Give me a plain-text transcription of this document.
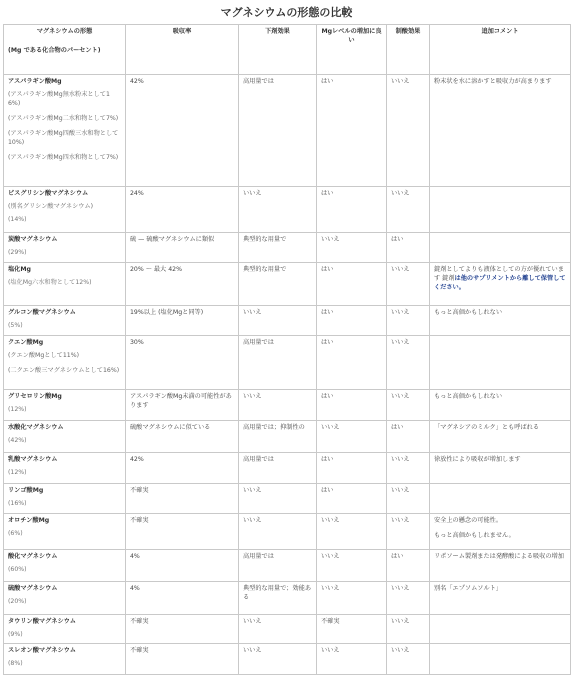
マグネシウムの形態の比較
マグネシウムの形態
(Mg である化合物のパーセント)	吸収率	下剤効果	Mgレベルの増加に良い	制酸効果	追加コメント

アスパラギン酸Mg
(アスパラギン酸Mg無水粉末として16%)
(アスパラギン酸Mg二水和物として7%)
(アスパラギン酸Mg四酸三水和物として10%)
(アスパラギン酸Mg四水和物として7%)	42%	高用量では	はい	いいえ	粉末状を水に溶かすと吸収力が高まります
ビスグリシン酸マグネシウム
(別名グリシン酸マグネシウム)
(14%)	24%	いいえ	はい	いいえ	
炭酸マグネシウム
(29%)	硫 — 硫酸マグネシウムに類似	典型的な用量で	いいえ	はい	
塩化Mg
(塩化Mg六水和物として12%)	20% ～ 最大 42%	典型的な用量で	はい	いいえ	錠剤としてよりも液体としての方が優れています 錠剤は他のサプリメントから離して保管してください。
グルコン酸マグネシウム
(5%)	19%以上 (塩化Mgと同等)	いいえ	はい	いいえ	もっと高価かもしれない
クエン酸Mg
(クエン酸Mgとして11%)
(二クエン酸三マグネシウムとして16%)	30%	高用量では	はい	いいえ	
グリセロリン酸Mg
(12%)	アスパラギン酸Mg未満の可能性があります	いいえ	はい	いいえ	もっと高価かもしれない
水酸化マグネシウム
(42%)	硫酸マグネシウムに似ている	高用量では；抑制性の	いいえ	はい	「マグネシアのミルク」とも呼ばれる
乳酸マグネシウム
(12%)	42%	高用量では	はい	いいえ	徐放性により吸収が増加します
リンゴ酸Mg
(16%)	不確実	いいえ	はい	いいえ	
オロチン酸Mg
(6%)	不確実	いいえ	いいえ	いいえ	安全上の懸念の可能性。
もっと高価かもしれません。

酸化マグネシウム
(60%)	4%	高用量では	いいえ	はい	リポソーム製剤または発酵酸による吸収の増加
硫酸マグネシウム
(20%)	4%	典型的な用量で；効能ある	いいえ	いいえ	別名「エプソムソルト」
タウリン酸マグネシウム
(9%)	不確実	いいえ	不確実	いいえ	
スレオン酸マグネシウム
(8%)	不確実	いいえ	いいえ	いいえ	
